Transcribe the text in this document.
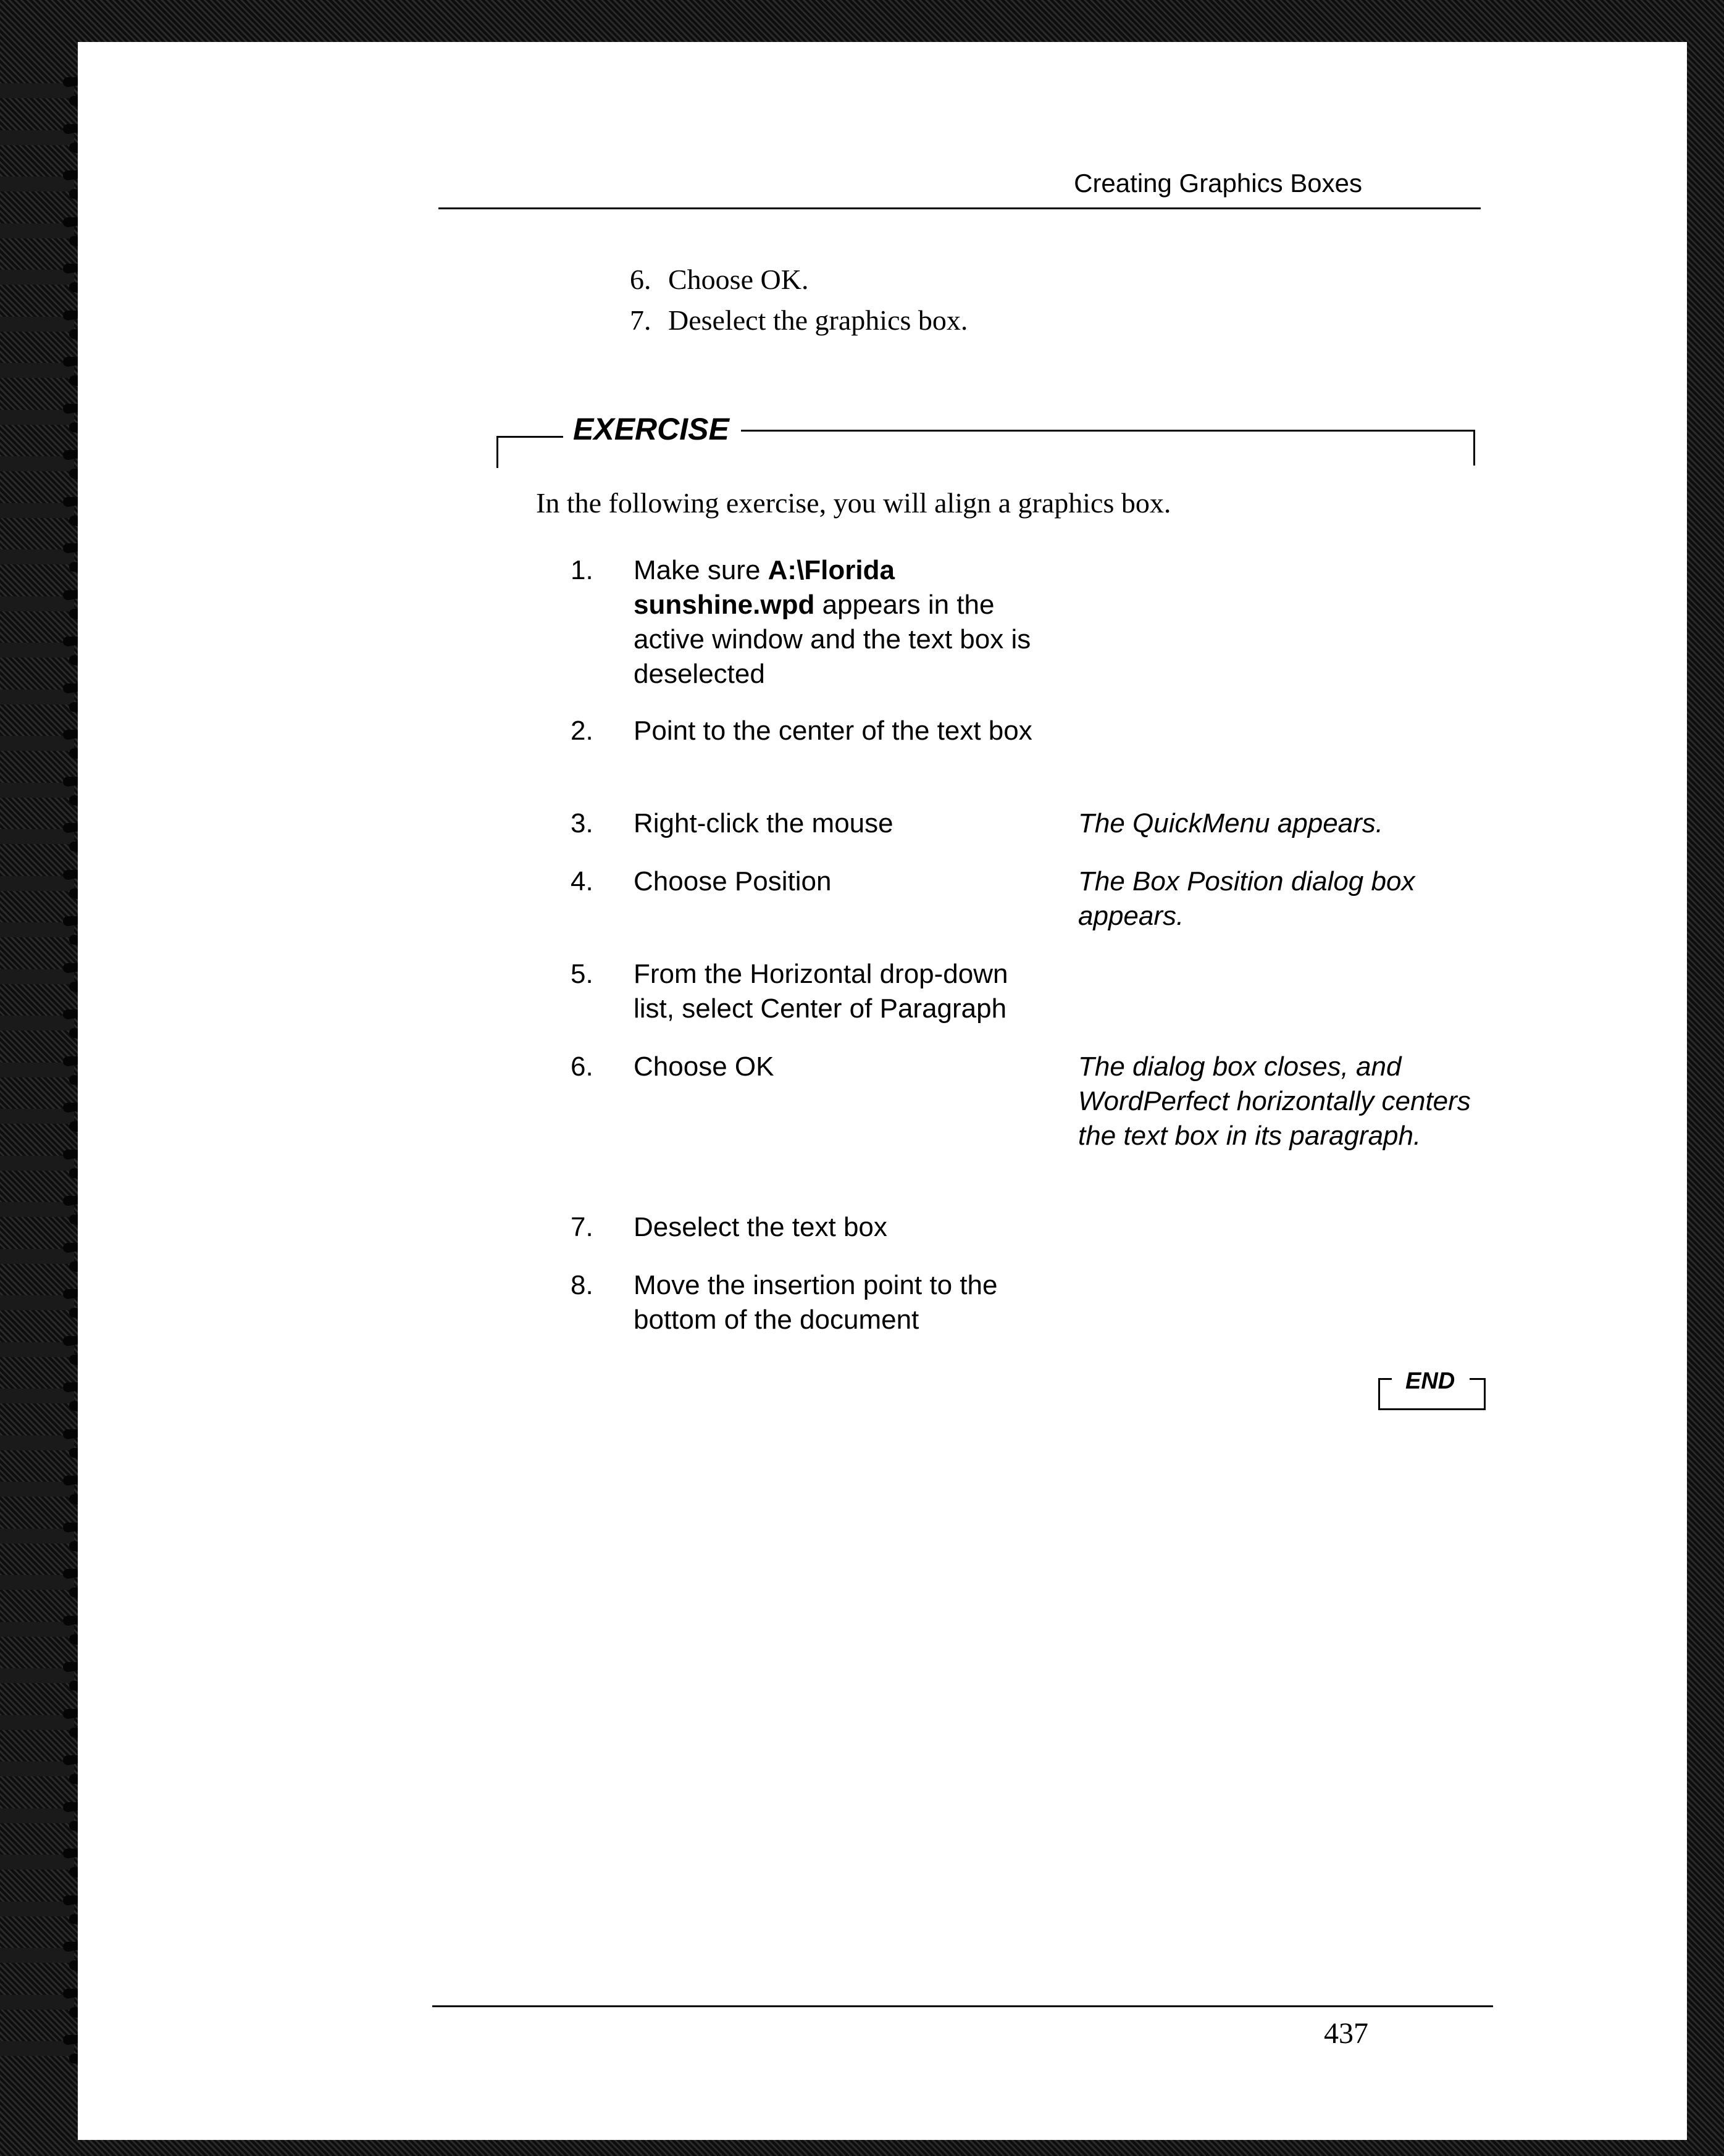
Creating Graphics Boxes
6. Choose OK.
7. Deselect the graphics box.
EXERCISE
In the following exercise, you will align a graphics box.
1. Make sure A:\Florida sunshine.wpd appears in the active window and the text box is deselected
2. Point to the center of the text box
3. Right-click the mouse	The QuickMenu appears.
4. Choose Position	The Box Position dialog box appears.
5. From the Horizontal drop-down list, select Center of Paragraph
6. Choose OK	The dialog box closes, and WordPerfect horizontally centers the text box in its paragraph.
7. Deselect the text box
8. Move the insertion point to the bottom of the document
END
437
